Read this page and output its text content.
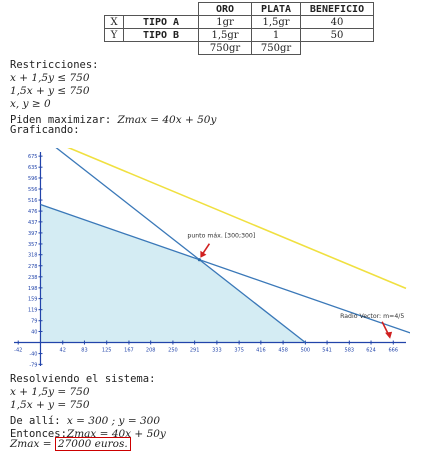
		ORO	PLATA	BENEFICIO
X	TIPO A	1gr	1,5gr	40
Y	TIPO B	1,5gr	1	50
		750gr	750gr	
Restricciones:
x + 1,5y ≤ 750
1,5x + y ≤ 750
x, y ≥ 0
Piden maximizar: Zmax = 40x + 50y
Graficando:
-42	42	83	125	167 208	250 291	333	375 416	458	500 541	583 624	666
675
635
596
556
516
476
437
397
357
318
278
238
198
159
119
79
40
-40
-79
punto máx. [300;300]
Radio Vector: m=4/5
Resolviendo el sistema:
x + 1,5y = 750
1,5x + y = 750
De allí: x = 300 ; y = 300
Entonces:Zmax = 40x + 50y
Zmax = 27000 euros.
